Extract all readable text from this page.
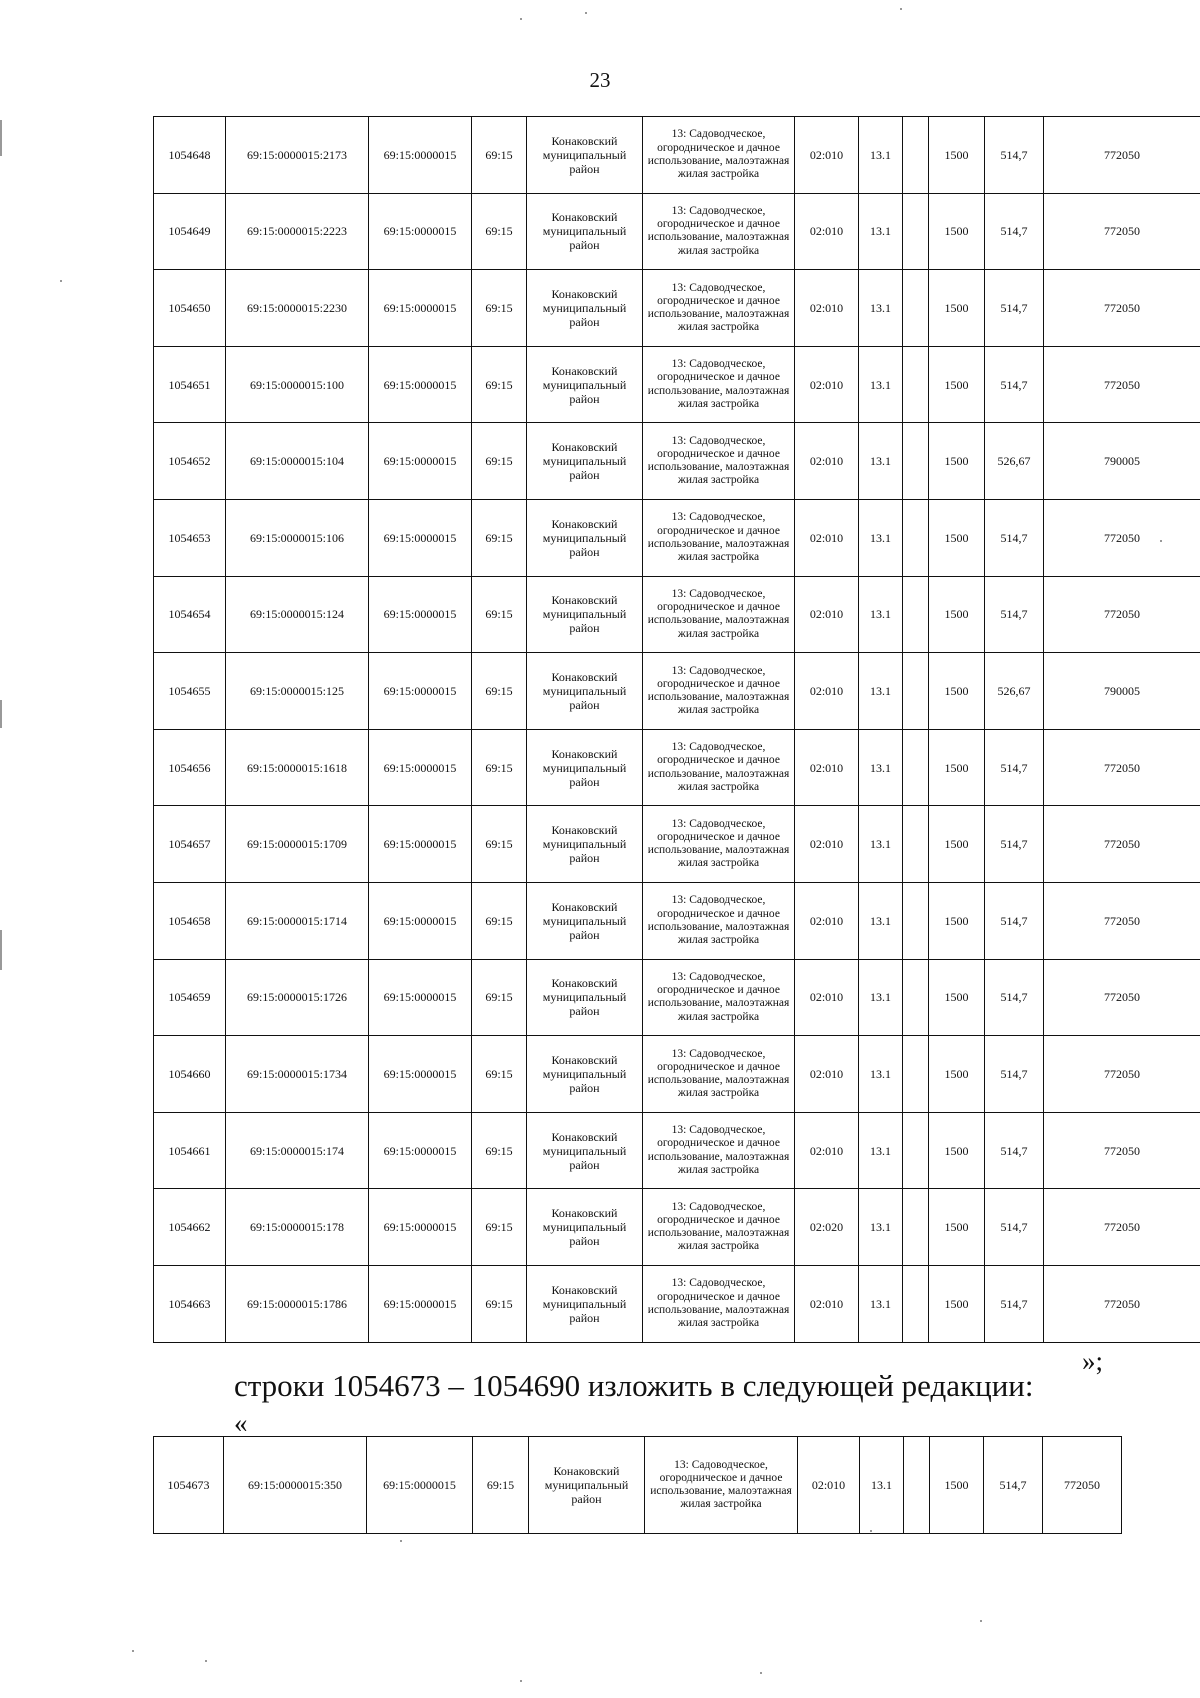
23
1054648	69:15:0000015:2173	69:15:0000015	69:15	Конаковский муниципальный район	13: Садоводческое, огородническое и дачное использование, малоэтажная жилая застройка	02:010	13.1		1500	514,7	772050
1054649	69:15:0000015:2223	69:15:0000015	69:15	Конаковский муниципальный район	13: Садоводческое, огородническое и дачное использование, малоэтажная жилая застройка	02:010	13.1		1500	514,7	772050
1054650	69:15:0000015:2230	69:15:0000015	69:15	Конаковский муниципальный район	13: Садоводческое, огородническое и дачное использование, малоэтажная жилая застройка	02:010	13.1		1500	514,7	772050
1054651	69:15:0000015:100	69:15:0000015	69:15	Конаковский муниципальный район	13: Садоводческое, огородническое и дачное использование, малоэтажная жилая застройка	02:010	13.1		1500	514,7	772050
1054652	69:15:0000015:104	69:15:0000015	69:15	Конаковский муниципальный район	13: Садоводческое, огородническое и дачное использование, малоэтажная жилая застройка	02:010	13.1		1500	526,67	790005
1054653	69:15:0000015:106	69:15:0000015	69:15	Конаковский муниципальный район	13: Садоводческое, огородническое и дачное использование, малоэтажная жилая застройка	02:010	13.1		1500	514,7	772050
1054654	69:15:0000015:124	69:15:0000015	69:15	Конаковский муниципальный район	13: Садоводческое, огородническое и дачное использование, малоэтажная жилая застройка	02:010	13.1		1500	514,7	772050
1054655	69:15:0000015:125	69:15:0000015	69:15	Конаковский муниципальный район	13: Садоводческое, огородническое и дачное использование, малоэтажная жилая застройка	02:010	13.1		1500	526,67	790005
1054656	69:15:0000015:1618	69:15:0000015	69:15	Конаковский муниципальный район	13: Садоводческое, огородническое и дачное использование, малоэтажная жилая застройка	02:010	13.1		1500	514,7	772050
1054657	69:15:0000015:1709	69:15:0000015	69:15	Конаковский муниципальный район	13: Садоводческое, огородническое и дачное использование, малоэтажная жилая застройка	02:010	13.1		1500	514,7	772050
1054658	69:15:0000015:1714	69:15:0000015	69:15	Конаковский муниципальный район	13: Садоводческое, огородническое и дачное использование, малоэтажная жилая застройка	02:010	13.1		1500	514,7	772050
1054659	69:15:0000015:1726	69:15:0000015	69:15	Конаковский муниципальный район	13: Садоводческое, огородническое и дачное использование, малоэтажная жилая застройка	02:010	13.1		1500	514,7	772050
1054660	69:15:0000015:1734	69:15:0000015	69:15	Конаковский муниципальный район	13: Садоводческое, огородническое и дачное использование, малоэтажная жилая застройка	02:010	13.1		1500	514,7	772050
1054661	69:15:0000015:174	69:15:0000015	69:15	Конаковский муниципальный район	13: Садоводческое, огородническое и дачное использование, малоэтажная жилая застройка	02:010	13.1		1500	514,7	772050
1054662	69:15:0000015:178	69:15:0000015	69:15	Конаковский муниципальный район	13: Садоводческое, огородническое и дачное использование, малоэтажная жилая застройка	02:020	13.1		1500	514,7	772050
1054663	69:15:0000015:1786	69:15:0000015	69:15	Конаковский муниципальный район	13: Садоводческое, огородническое и дачное использование, малоэтажная жилая застройка	02:010	13.1		1500	514,7	772050
»;
строки 1054673 – 1054690 изложить в следующей редакции:
«
1054673	69:15:0000015:350	69:15:0000015	69:15	Конаковский муниципальный район	13: Садоводческое, огородническое и дачное использование, малоэтажная жилая застройка	02:010	13.1		1500	514,7	772050
